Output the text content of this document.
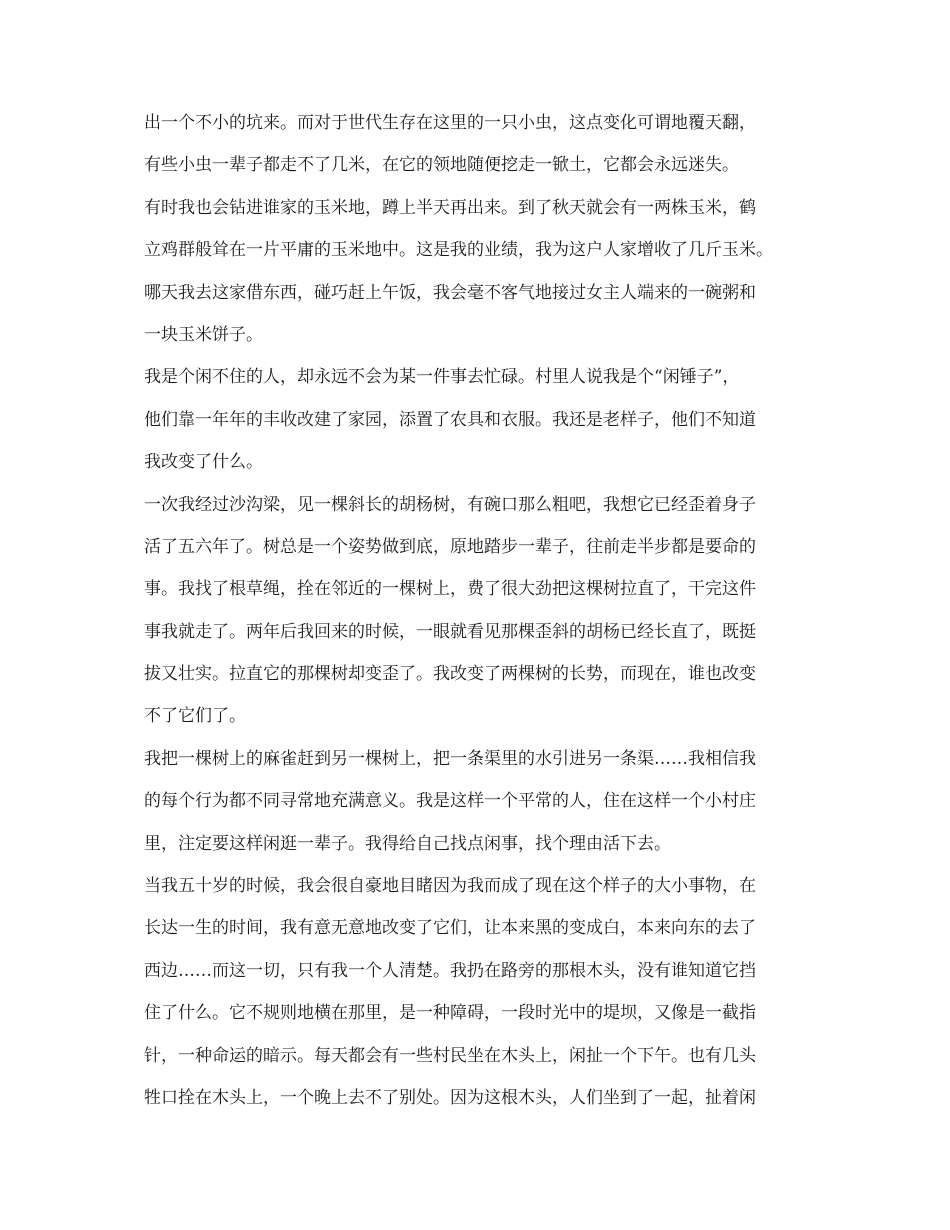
出一个不小的坑来。而对于世代生存在这里的一只小虫，这点变化可谓地覆天翻，
有些小虫一辈子都走不了几米，在它的领地随便挖走一锨土，它都会永远迷失。
有时我也会钻进谁家的玉米地，蹲上半天再出来。到了秋天就会有一两株玉米，鹤
立鸡群般耸在一片平庸的玉米地中。这是我的业绩，我为这户人家增收了几斤玉米。
哪天我去这家借东西，碰巧赶上午饭，我会毫不客气地接过女主人端来的一碗粥和
一块玉米饼子。
我是个闲不住的人，却永远不会为某一件事去忙碌。村里人说我是个“闲锤子”，
他们靠一年年的丰收改建了家园，添置了农具和衣服。我还是老样子，他们不知道
我改变了什么。
一次我经过沙沟梁，见一棵斜长的胡杨树，有碗口那么粗吧，我想它已经歪着身子
活了五六年了。树总是一个姿势做到底，原地踏步一辈子，往前走半步都是要命的
事。我找了根草绳，拴在邻近的一棵树上，费了很大劲把这棵树拉直了，干完这件
事我就走了。两年后我回来的时候，一眼就看见那棵歪斜的胡杨已经长直了，既挺
拔又壮实。拉直它的那棵树却变歪了。我改变了两棵树的长势，而现在，谁也改变
不了它们了。
我把一棵树上的麻雀赶到另一棵树上，把一条渠里的水引进另一条渠……我相信我
的每个行为都不同寻常地充满意义。我是这样一个平常的人，住在这样一个小村庄
里，注定要这样闲逛一辈子。我得给自己找点闲事，找个理由活下去。
当我五十岁的时候，我会很自豪地目睹因为我而成了现在这个样子的大小事物，在
长达一生的时间，我有意无意地改变了它们，让本来黑的变成白，本来向东的去了
西边……而这一切，只有我一个人清楚。我扔在路旁的那根木头，没有谁知道它挡
住了什么。它不规则地横在那里，是一种障碍，一段时光中的堤坝，又像是一截指
针，一种命运的暗示。每天都会有一些村民坐在木头上，闲扯一个下午。也有几头
牲口拴在木头上，一个晚上去不了别处。因为这根木头，人们坐到了一起，扯着闲
